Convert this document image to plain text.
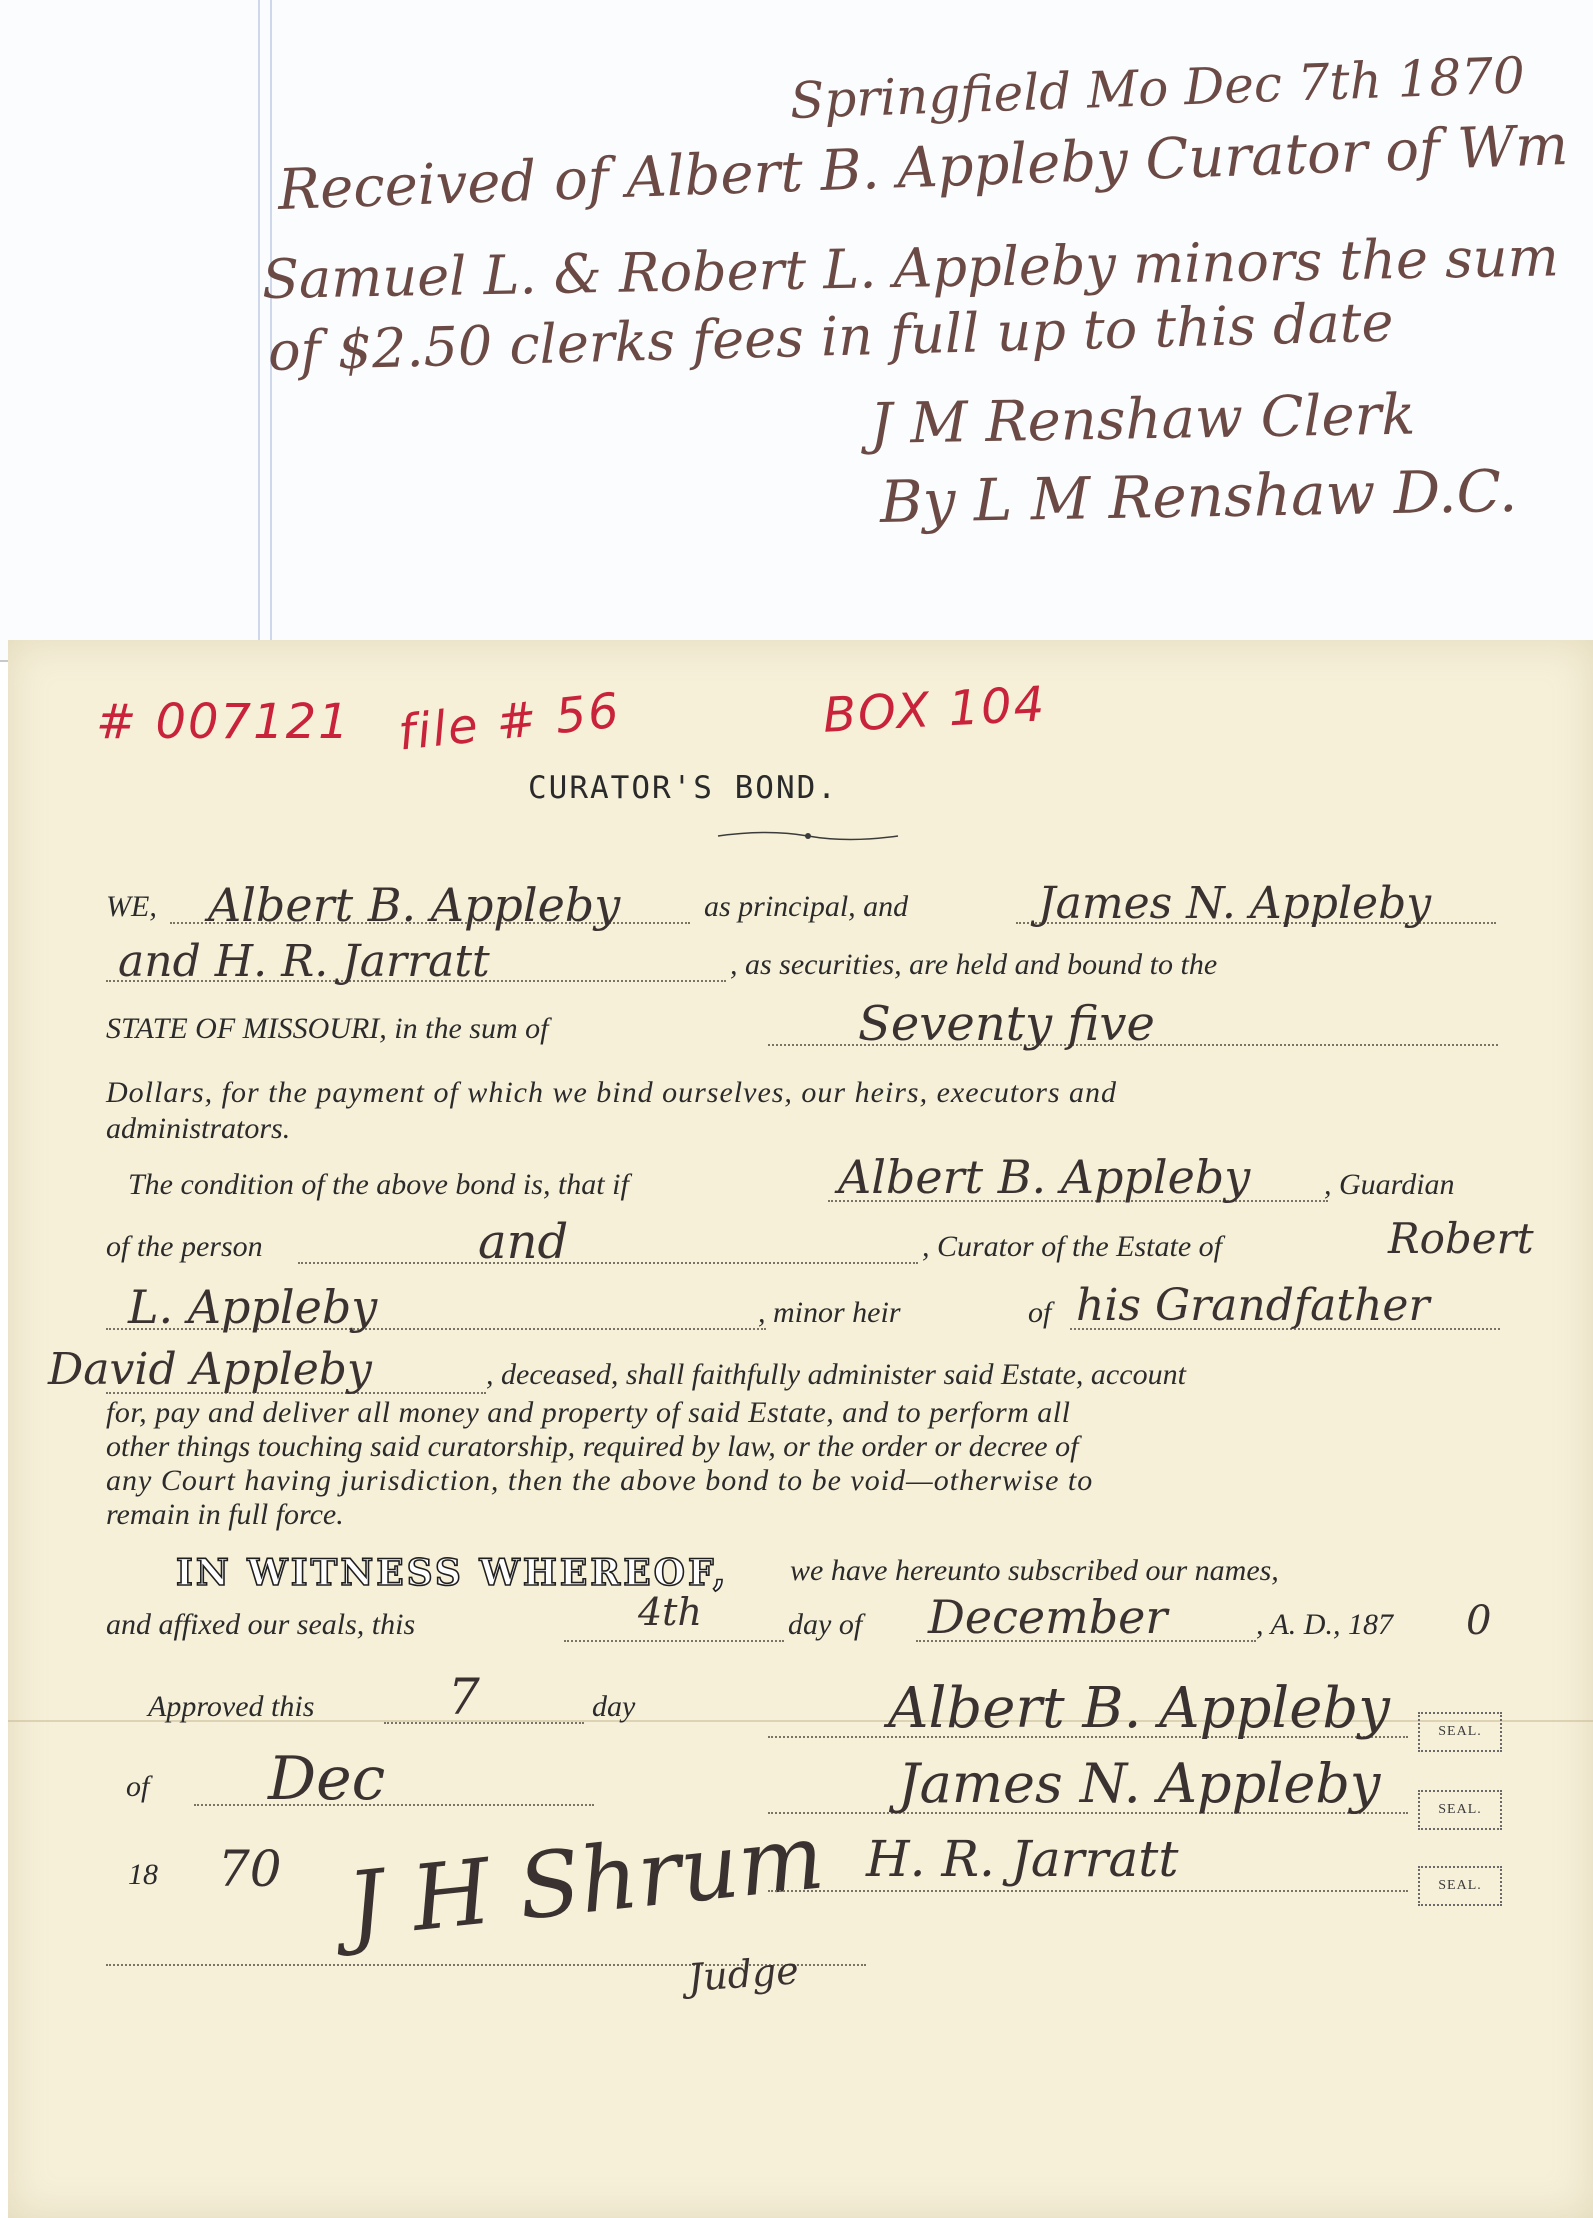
Springfield Mo Dec 7th 1870
Received of Albert B. Appleby Curator of Wm
Samuel L. & Robert L. Appleby minors the sum
of $2.50 clerks fees in full up to this date
J M Renshaw Clerk
By L M Renshaw D.C.
# 007121 file # 56	BOX 104
CURATOR'S BOND.
WE, Albert B. Appleby	as principal, and	James N. Appleby
and H. R. Jarratt	, as securities, are held and bound to the
STATE OF MISSOURI, in the sum of	Seventy five
Dollars, for the payment of which we bind ourselves, our heirs, executors and
administrators.
The condition of the above bond is, that if	Albert B. Appleby , Guardian
of the person	and	, Curator of the Estate of	Robert
L. Appleby	, minor heir	of his Grandfather
David Appleby	, deceased, shall faithfully administer said Estate, account
for, pay and deliver all money and property of said Estate, and to perform all
other things touching said curatorship, required by law, or the order or decree of
any Court having jurisdiction, then the above bond to be void—otherwise to
remain in full force.
IN WITNESS WHEREOF, we have hereunto subscribed our names,
and affixed our seals, this	4th	day of December	, A. D., 187 0
Approved this	7	day
of Dec
18 70 J H Shrum
Judge
Albert B. Appleby	SEAL.
James N. Appleby	SEAL.
H. R. Jarratt	SEAL.
